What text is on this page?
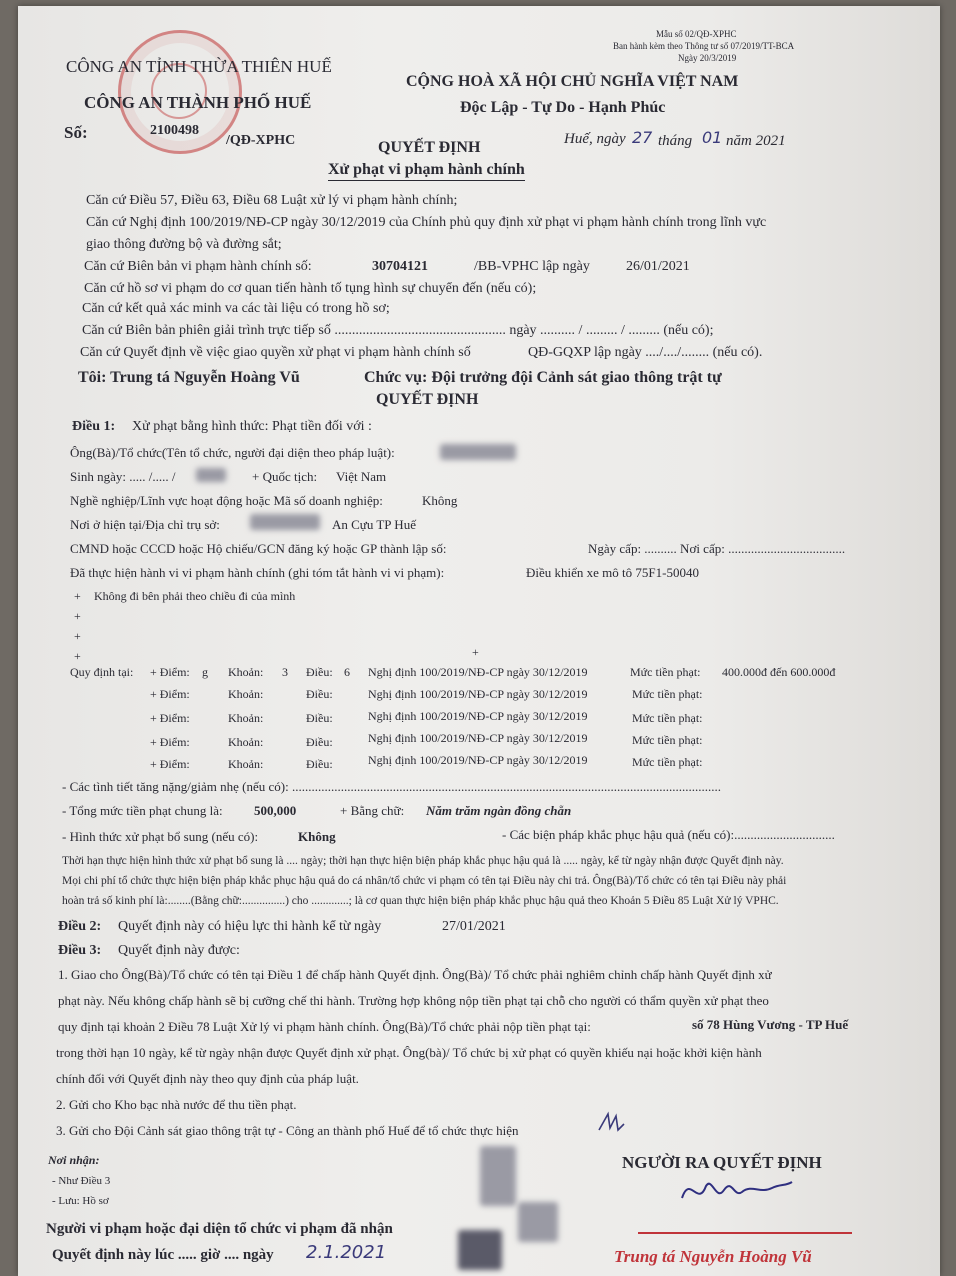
Mẫu số 02/QĐ-XPHC
Ban hành kèm theo Thông tư số 07/2019/TT-BCA
Ngày 20/3/2019
CÔNG AN TỈNH THỪA THIÊN HUẾ
CÔNG AN THÀNH PHỐ HUẾ
Số:	2100498
/QĐ-XPHC
CỘNG HOÀ XÃ HỘI CHỦ NGHĨA VIỆT NAM
Độc Lập - Tự Do - Hạnh Phúc
Huế, ngày 27 tháng 01 năm 2021
QUYẾT ĐỊNH
Xử phạt vi phạm hành chính
Căn cứ Điều 57, Điều 63, Điều 68 Luật xử lý vi phạm hành chính;
Căn cứ Nghị định 100/2019/NĐ-CP ngày 30/12/2019 của Chính phủ quy định xử phạt vi phạm hành chính trong lĩnh vực
giao thông đường bộ và đường sắt;
Căn cứ Biên bản vi phạm hành chính số:	30704121	/BB-VPHC lập ngày	26/01/2021
Căn cứ hồ sơ vi phạm do cơ quan tiến hành tố tụng hình sự chuyển đến (nếu có);
Căn cứ kết quả xác minh va các tài liệu có trong hồ sơ;
Căn cứ Biên bản phiên giải trình trực tiếp số ................................................. ngày .......... / ......... / ......... (nếu có);
Căn cứ Quyết định về việc giao quyền xử phạt vi phạm hành chính số	QĐ-GQXP lập ngày ..../..../........ (nếu có).
Tôi: Trung tá Nguyễn Hoàng Vũ	Chức vụ: Đội trưởng đội Cảnh sát giao thông trật tự
QUYẾT ĐỊNH
Điều 1: Xử phạt bằng hình thức: Phạt tiền đối với :
Ông(Bà)/Tổ chức(Tên tổ chức, người đại diện theo pháp luật):
Sinh ngày: ..... /..... /	+ Quốc tịch: Việt Nam
Nghề nghiệp/Lĩnh vực hoạt động hoặc Mã số doanh nghiệp:	Không
Nơi ở hiện tại/Địa chỉ trụ sở:	An Cựu TP Huế
CMND hoặc CCCD hoặc Hộ chiếu/GCN đăng ký hoặc GP thành lập số:	Ngày cấp: .......... Nơi cấp: ....................................
Đã thực hiện hành vi vi phạm hành chính (ghi tóm tắt hành vi vi phạm):	Điều khiển xe mô tô 75F1-50040
+ Không đi bên phải theo chiều đi của mình
+
+
+	+
Quy định tại: + Điểm: g Khoản: 3 Điều: 6 Nghị định 100/2019/NĐ-CP ngày 30/12/2019	Mức tiền phạt: 400.000đ đến 600.000đ
+ Điểm:	Khoản:	Điều:	Nghị định 100/2019/NĐ-CP ngày 30/12/2019	Mức tiền phạt:
+ Điểm:	Khoản:	Điều:	Nghị định 100/2019/NĐ-CP ngày 30/12/2019	Mức tiền phạt:
+ Điểm:	Khoản:	Điều:	Nghị định 100/2019/NĐ-CP ngày 30/12/2019	Mức tiền phạt:
+ Điểm:	Khoản:	Điều:	Nghị định 100/2019/NĐ-CP ngày 30/12/2019	Mức tiền phạt:
- Các tình tiết tăng nặng/giảm nhẹ (nếu có): ....................................................................................................................................
- Tổng mức tiền phạt chung là: 500,000	+ Bằng chữ: Năm trăm ngàn đồng chẵn
- Hình thức xử phạt bổ sung (nếu có):	Không	- Các biện pháp khắc phục hậu quả (nếu có):...............................
Thời hạn thực hiện hình thức xử phạt bổ sung là .... ngày; thời hạn thực hiện biện pháp khắc phục hậu quả là ..... ngày, kể từ ngày nhận được Quyết định này.
Mọi chi phí tổ chức thực hiện biện pháp khắc phục hậu quả do cá nhân/tổ chức vi phạm có tên tại Điều này chi trả. Ông(Bà)/Tổ chức có tên tại Điều này phải
hoàn trả số kinh phí là:........(Bằng chữ:...............) cho .............; là cơ quan thực hiện biện pháp khắc phục hậu quả theo Khoản 5 Điều 85 Luật Xử lý VPHC.
Điều 2: Quyết định này có hiệu lực thi hành kể từ ngày	27/01/2021
Điều 3: Quyết định này được:
1. Giao cho Ông(Bà)/Tổ chức có tên tại Điều 1 để chấp hành Quyết định. Ông(Bà)/ Tổ chức phải nghiêm chỉnh chấp hành Quyết định xử
phạt này. Nếu không chấp hành sẽ bị cưỡng chế thi hành. Trường hợp không nộp tiền phạt tại chỗ cho người có thẩm quyền xử phạt theo
quy định tại khoản 2 Điều 78 Luật Xử lý vi phạm hành chính. Ông(Bà)/Tổ chức phải nộp tiền phạt tại:	số 78 Hùng Vương - TP Huế
trong thời hạn 10 ngày, kể từ ngày nhận được Quyết định xử phạt. Ông(bà)/ Tổ chức bị xử phạt có quyền khiếu nại hoặc khởi kiện hành
chính đối với Quyết định này theo quy định của pháp luật.
2. Gửi cho Kho bạc nhà nước để thu tiền phạt.
3. Gửi cho Đội Cảnh sát giao thông trật tự - Công an thành phố Huế để tổ chức thực hiện
Nơi nhận:
- Như Điều 3
- Lưu: Hồ sơ
Người vi phạm hoặc đại diện tổ chức vi phạm đã nhận
Quyết định này lúc ..... giờ .... ngày 2.1.2021
NGƯỜI RA QUYẾT ĐỊNH
Trung tá Nguyễn Hoàng Vũ
